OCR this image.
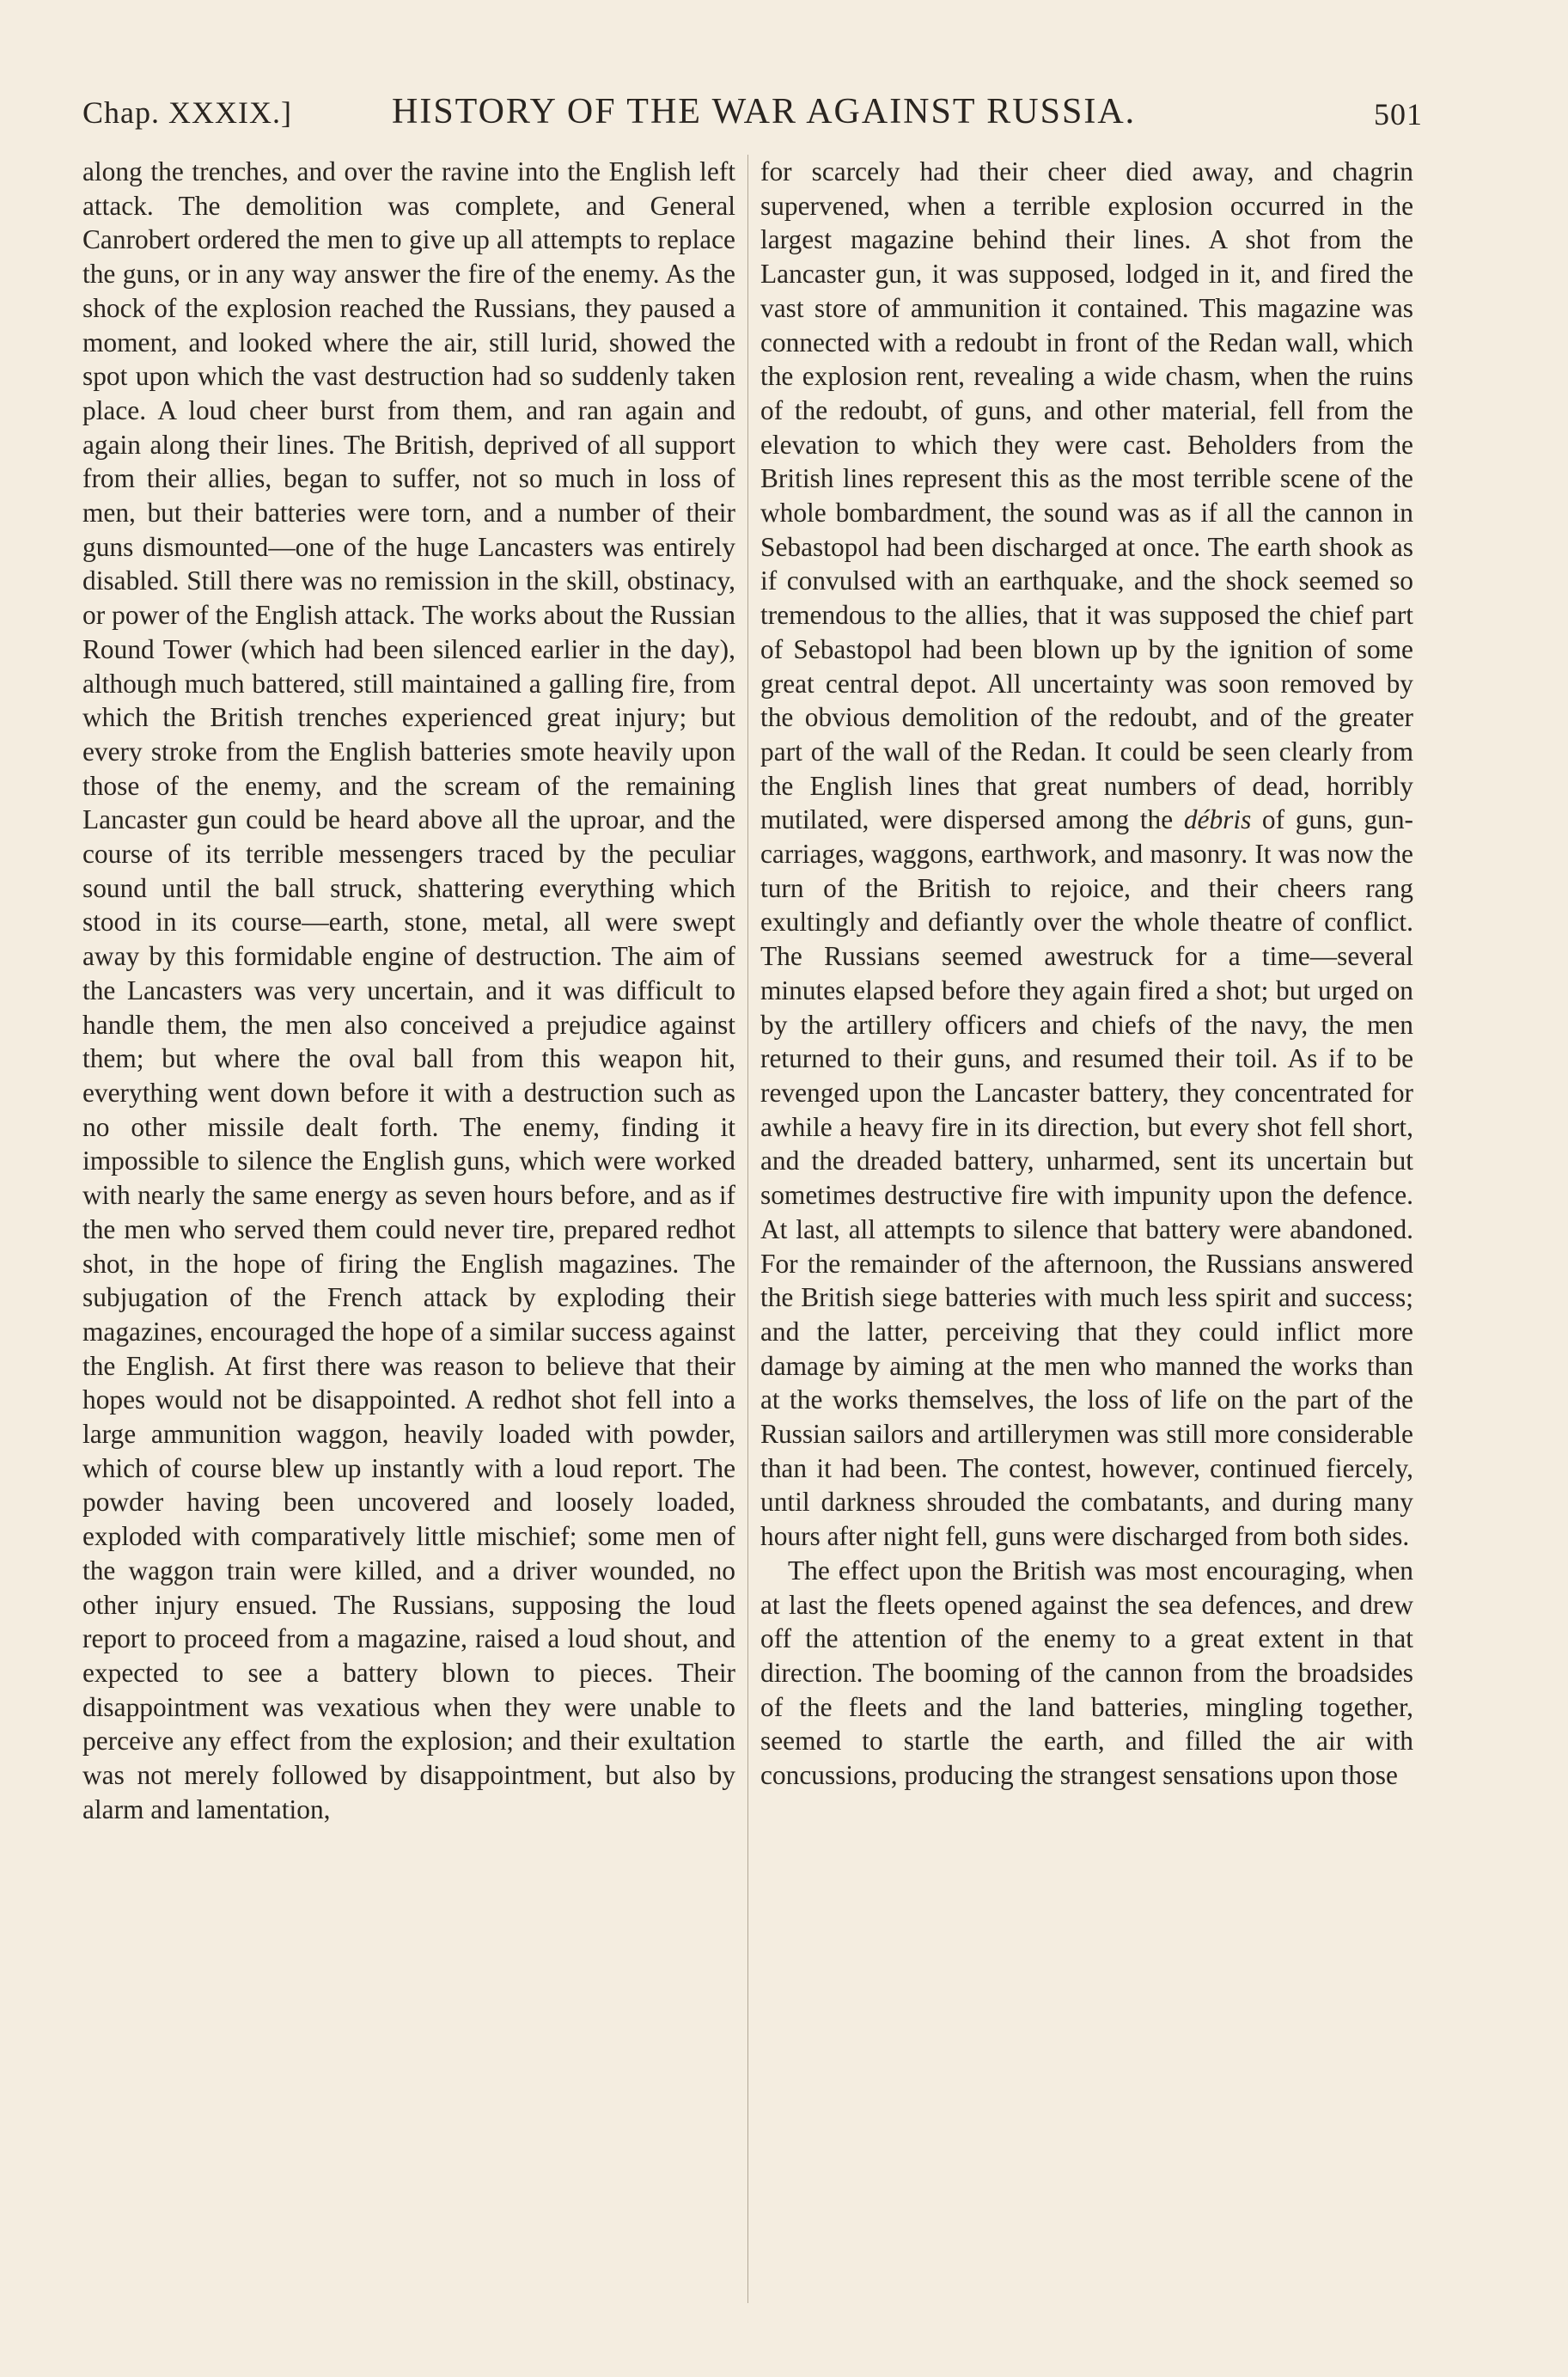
Chap. XXXIX.]	HISTORY OF THE WAR AGAINST RUSSIA.	501

along the trenches, and over the ravine into the English left attack. The demolition was complete, and General Canrobert ordered the men to give up all attempts to replace the guns, or in any way answer the fire of the enemy. As the shock of the explosion reached the Russians, they paused a moment, and looked where the air, still lurid, showed the spot upon which the vast destruction had so suddenly taken place. A loud cheer burst from them, and ran again and again along their lines. The British, deprived of all support from their allies, began to suffer, not so much in loss of men, but their batteries were torn, and a number of their guns dismounted—one of the huge Lancasters was entirely disabled. Still there was no remission in the skill, obstinacy, or power of the English attack. The works about the Russian Round Tower (which had been silenced earlier in the day), although much battered, still maintained a galling fire, from which the British trenches experienced great injury; but every stroke from the English batteries smote heavily upon those of the enemy, and the scream of the remaining Lancaster gun could be heard above all the uproar, and the course of its terrible messengers traced by the peculiar sound until the ball struck, shattering everything which stood in its course—earth, stone, metal, all were swept away by this formidable engine of destruction. The aim of the Lancasters was very uncertain, and it was difficult to handle them, the men also conceived a prejudice against them; but where the oval ball from this weapon hit, everything went down before it with a destruction such as no other missile dealt forth. The enemy, finding it impossible to silence the English guns, which were worked with nearly the same energy as seven hours before, and as if the men who served them could never tire, prepared redhot shot, in the hope of firing the English magazines. The subjugation of the French attack by exploding their magazines, encouraged the hope of a similar success against the English. At first there was reason to believe that their hopes would not be disappointed. A redhot shot fell into a large ammunition waggon, heavily loaded with powder, which of course blew up instantly with a loud report. The powder having been uncovered and loosely loaded, exploded with comparatively little mischief; some men of the waggon train were killed, and a driver wounded, no other injury ensued. The Russians, supposing the loud report to proceed from a magazine, raised a loud shout, and expected to see a battery blown to pieces. Their disappointment was vexatious when they were unable to perceive any effect from the explosion; and their exultation was not merely followed by disappointment, but also by alarm and lamentation,

for scarcely had their cheer died away, and chagrin supervened, when a terrible explosion occurred in the largest magazine behind their lines. A shot from the Lancaster gun, it was supposed, lodged in it, and fired the vast store of ammunition it contained. This magazine was connected with a redoubt in front of the Redan wall, which the explosion rent, revealing a wide chasm, when the ruins of the redoubt, of guns, and other material, fell from the elevation to which they were cast. Beholders from the British lines represent this as the most terrible scene of the whole bombardment, the sound was as if all the cannon in Sebastopol had been discharged at once. The earth shook as if convulsed with an earthquake, and the shock seemed so tremendous to the allies, that it was supposed the chief part of Sebastopol had been blown up by the ignition of some great central depot. All uncertainty was soon removed by the obvious demolition of the redoubt, and of the greater part of the wall of the Redan. It could be seen clearly from the English lines that great numbers of dead, horribly mutilated, were dispersed among the débris of guns, gun-carriages, waggons, earthwork, and masonry. It was now the turn of the British to rejoice, and their cheers rang exultingly and defiantly over the whole theatre of conflict. The Russians seemed awestruck for a time—several minutes elapsed before they again fired a shot; but urged on by the artillery officers and chiefs of the navy, the men returned to their guns, and resumed their toil. As if to be revenged upon the Lancaster battery, they concentrated for awhile a heavy fire in its direction, but every shot fell short, and the dreaded battery, unharmed, sent its uncertain but sometimes destructive fire with impunity upon the defence. At last, all attempts to silence that battery were abandoned. For the remainder of the afternoon, the Russians answered the British siege batteries with much less spirit and success; and the latter, perceiving that they could inflict more damage by aiming at the men who manned the works than at the works themselves, the loss of life on the part of the Russian sailors and artillerymen was still more considerable than it had been. The contest, however, continued fiercely, until darkness shrouded the combatants, and during many hours after night fell, guns were discharged from both sides.

The effect upon the British was most encouraging, when at last the fleets opened against the sea defences, and drew off the attention of the enemy to a great extent in that direction. The booming of the cannon from the broadsides of the fleets and the land batteries, mingling together, seemed to startle the earth, and filled the air with concussions, producing the strangest sensations upon those
